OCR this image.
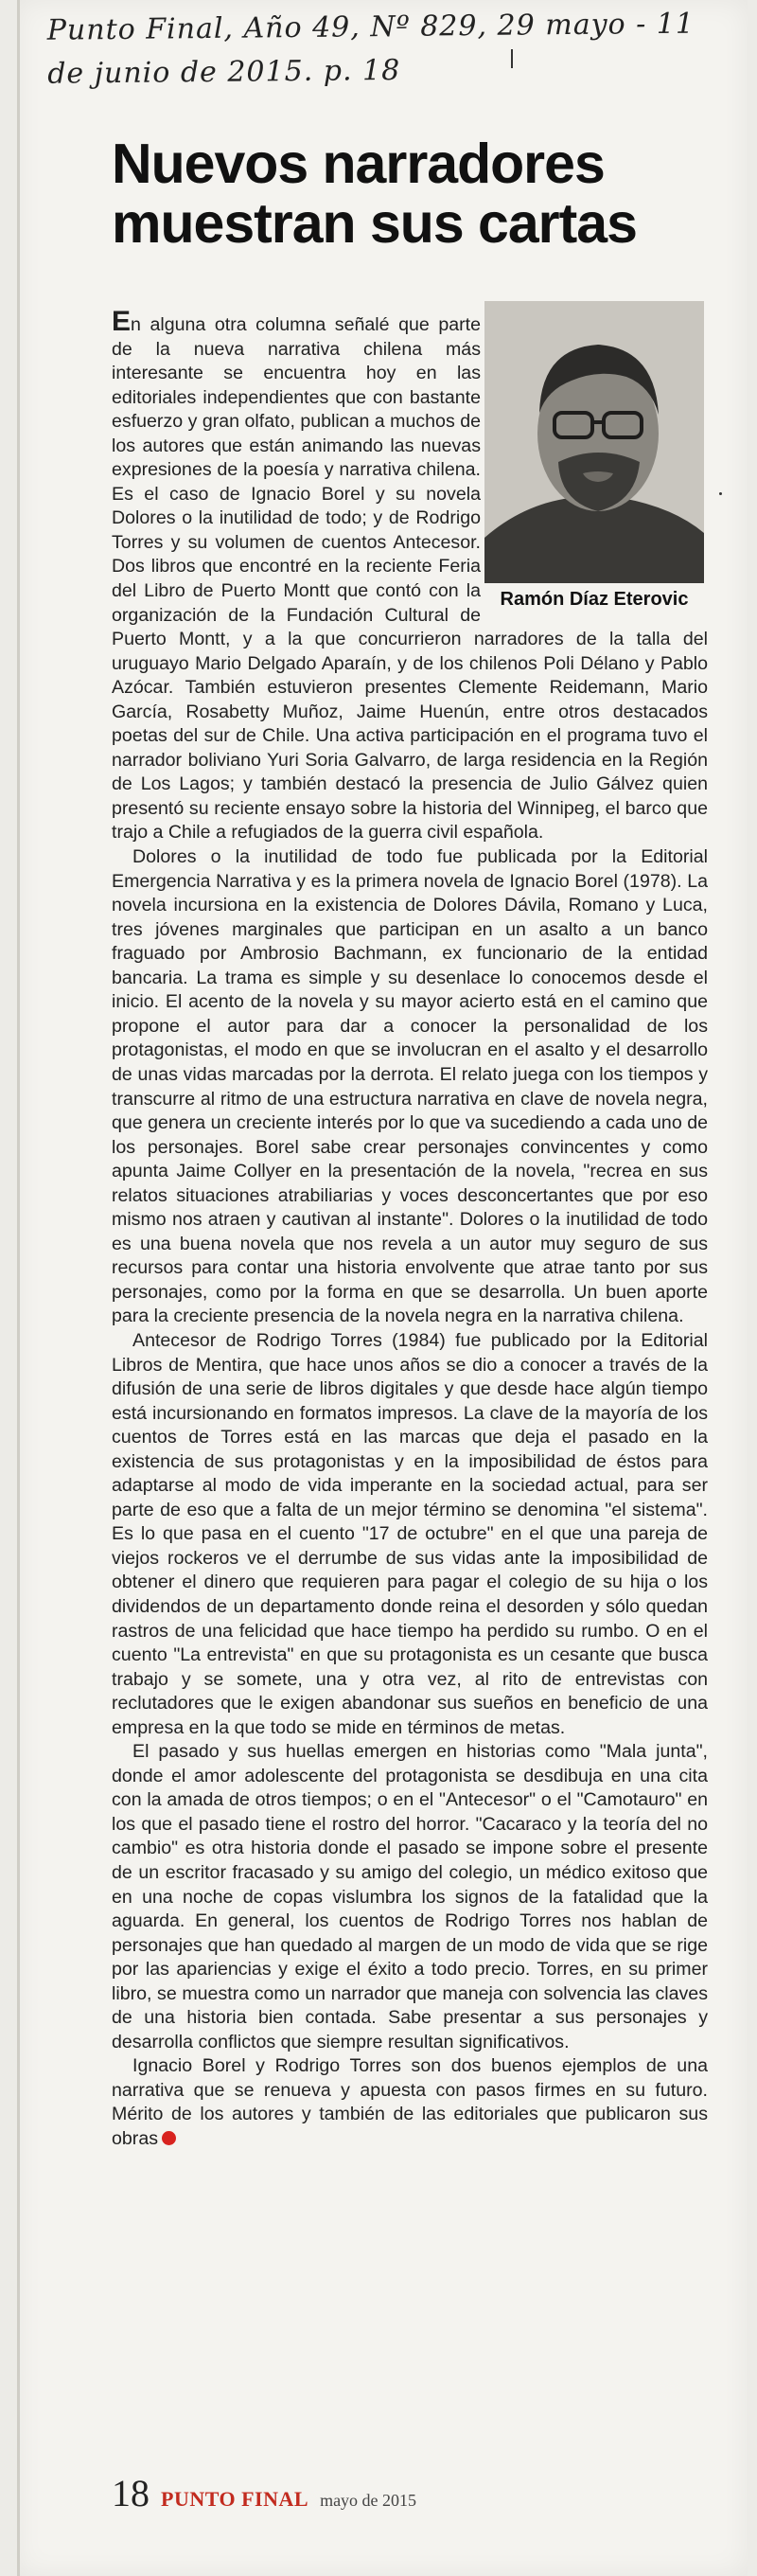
Punto Final, Año 49, Nº 829, 29 mayo - 11 de junio de 2015. p. 18
Nuevos narradores muestran sus cartas
Ramón Díaz Eterovic

En alguna otra columna señalé que parte de la nueva narrativa chilena más interesante se encuentra hoy en las editoriales independientes que con bastante esfuerzo y gran olfato, publican a muchos de los autores que están animando las nuevas expresiones de la poesía y narrativa chilena. Es el caso de Ignacio Borel y su novela Dolores o la inutilidad de todo; y de Rodrigo Torres y su volumen de cuentos Antecesor. Dos libros que encontré en la reciente Feria del Libro de Puerto Montt que contó con la organización de la Fundación Cultural de Puerto Montt, y a la que concurrieron narradores de la talla del uruguayo Mario Delgado Aparaín, y de los chilenos Poli Délano y Pablo Azócar. También estuvieron presentes Clemente Reidemann, Mario García, Rosabetty Muñoz, Jaime Huenún, entre otros destacados poetas del sur de Chile. Una activa participación en el programa tuvo el narrador boliviano Yuri Soria Galvarro, de larga residencia en la Región de Los Lagos; y también destacó la presencia de Julio Gálvez quien presentó su reciente ensayo sobre la historia del Winnipeg, el barco que trajo a Chile a refugiados de la guerra civil española.

Dolores o la inutilidad de todo fue publicada por la Editorial Emergencia Narrativa y es la primera novela de Ignacio Borel (1978). La novela incursiona en la existencia de Dolores Dávila, Romano y Luca, tres jóvenes marginales que participan en un asalto a un banco fraguado por Ambrosio Bachmann, ex funcionario de la entidad bancaria. La trama es simple y su desenlace lo conocemos desde el inicio. El acento de la novela y su mayor acierto está en el camino que propone el autor para dar a conocer la personalidad de los protagonistas, el modo en que se involucran en el asalto y el desarrollo de unas vidas marcadas por la derrota. El relato juega con los tiempos y transcurre al ritmo de una estructura narrativa en clave de novela negra, que genera un creciente interés por lo que va sucediendo a cada uno de los personajes. Borel sabe crear personajes convincentes y como apunta Jaime Collyer en la presentación de la novela, "recrea en sus relatos situaciones atrabiliarias y voces desconcertantes que por eso mismo nos atraen y cautivan al instante". Dolores o la inutilidad de todo es una buena novela que nos revela a un autor muy seguro de sus recursos para contar una historia envolvente que atrae tanto por sus personajes, como por la forma en que se desarrolla. Un buen aporte para la creciente presencia de la novela negra en la narrativa chilena.

Antecesor de Rodrigo Torres (1984) fue publicado por la Editorial Libros de Mentira, que hace unos años se dio a conocer a través de la difusión de una serie de libros digitales y que desde hace algún tiempo está incursionando en formatos impresos. La clave de la mayoría de los cuentos de Torres está en las marcas que deja el pasado en la existencia de sus protagonistas y en la imposibilidad de éstos para adaptarse al modo de vida imperante en la sociedad actual, para ser parte de eso que a falta de un mejor término se denomina "el sistema". Es lo que pasa en el cuento "17 de octubre" en el que una pareja de viejos rockeros ve el derrumbe de sus vidas ante la imposibilidad de obtener el dinero que requieren para pagar el colegio de su hija o los dividendos de un departamento donde reina el desorden y sólo quedan rastros de una felicidad que hace tiempo ha perdido su rumbo. O en el cuento "La entrevista" en que su protagonista es un cesante que busca trabajo y se somete, una y otra vez, al rito de entrevistas con reclutadores que le exigen abandonar sus sueños en beneficio de una empresa en la que todo se mide en términos de metas.

El pasado y sus huellas emergen en historias como "Mala junta", donde el amor adolescente del protagonista se desdibuja en una cita con la amada de otros tiempos; o en el "Antecesor" o el "Camotauro" en los que el pasado tiene el rostro del horror. "Cacaraco y la teoría del no cambio" es otra historia donde el pasado se impone sobre el presente de un escritor fracasado y su amigo del colegio, un médico exitoso que en una noche de copas vislumbra los signos de la fatalidad que la aguarda. En general, los cuentos de Rodrigo Torres nos hablan de personajes que han quedado al margen de un modo de vida que se rige por las apariencias y exige el éxito a todo precio. Torres, en su primer libro, se muestra como un narrador que maneja con solvencia las claves de una historia bien contada. Sabe presentar a sus personajes y desarrolla conflictos que siempre resultan significativos.

Ignacio Borel y Rodrigo Torres son dos buenos ejemplos de una narrativa que se renueva y apuesta con pasos firmes en su futuro. Mérito de los autores y también de las editoriales que publicaron sus obras

18 PUNTO FINAL mayo de 2015
